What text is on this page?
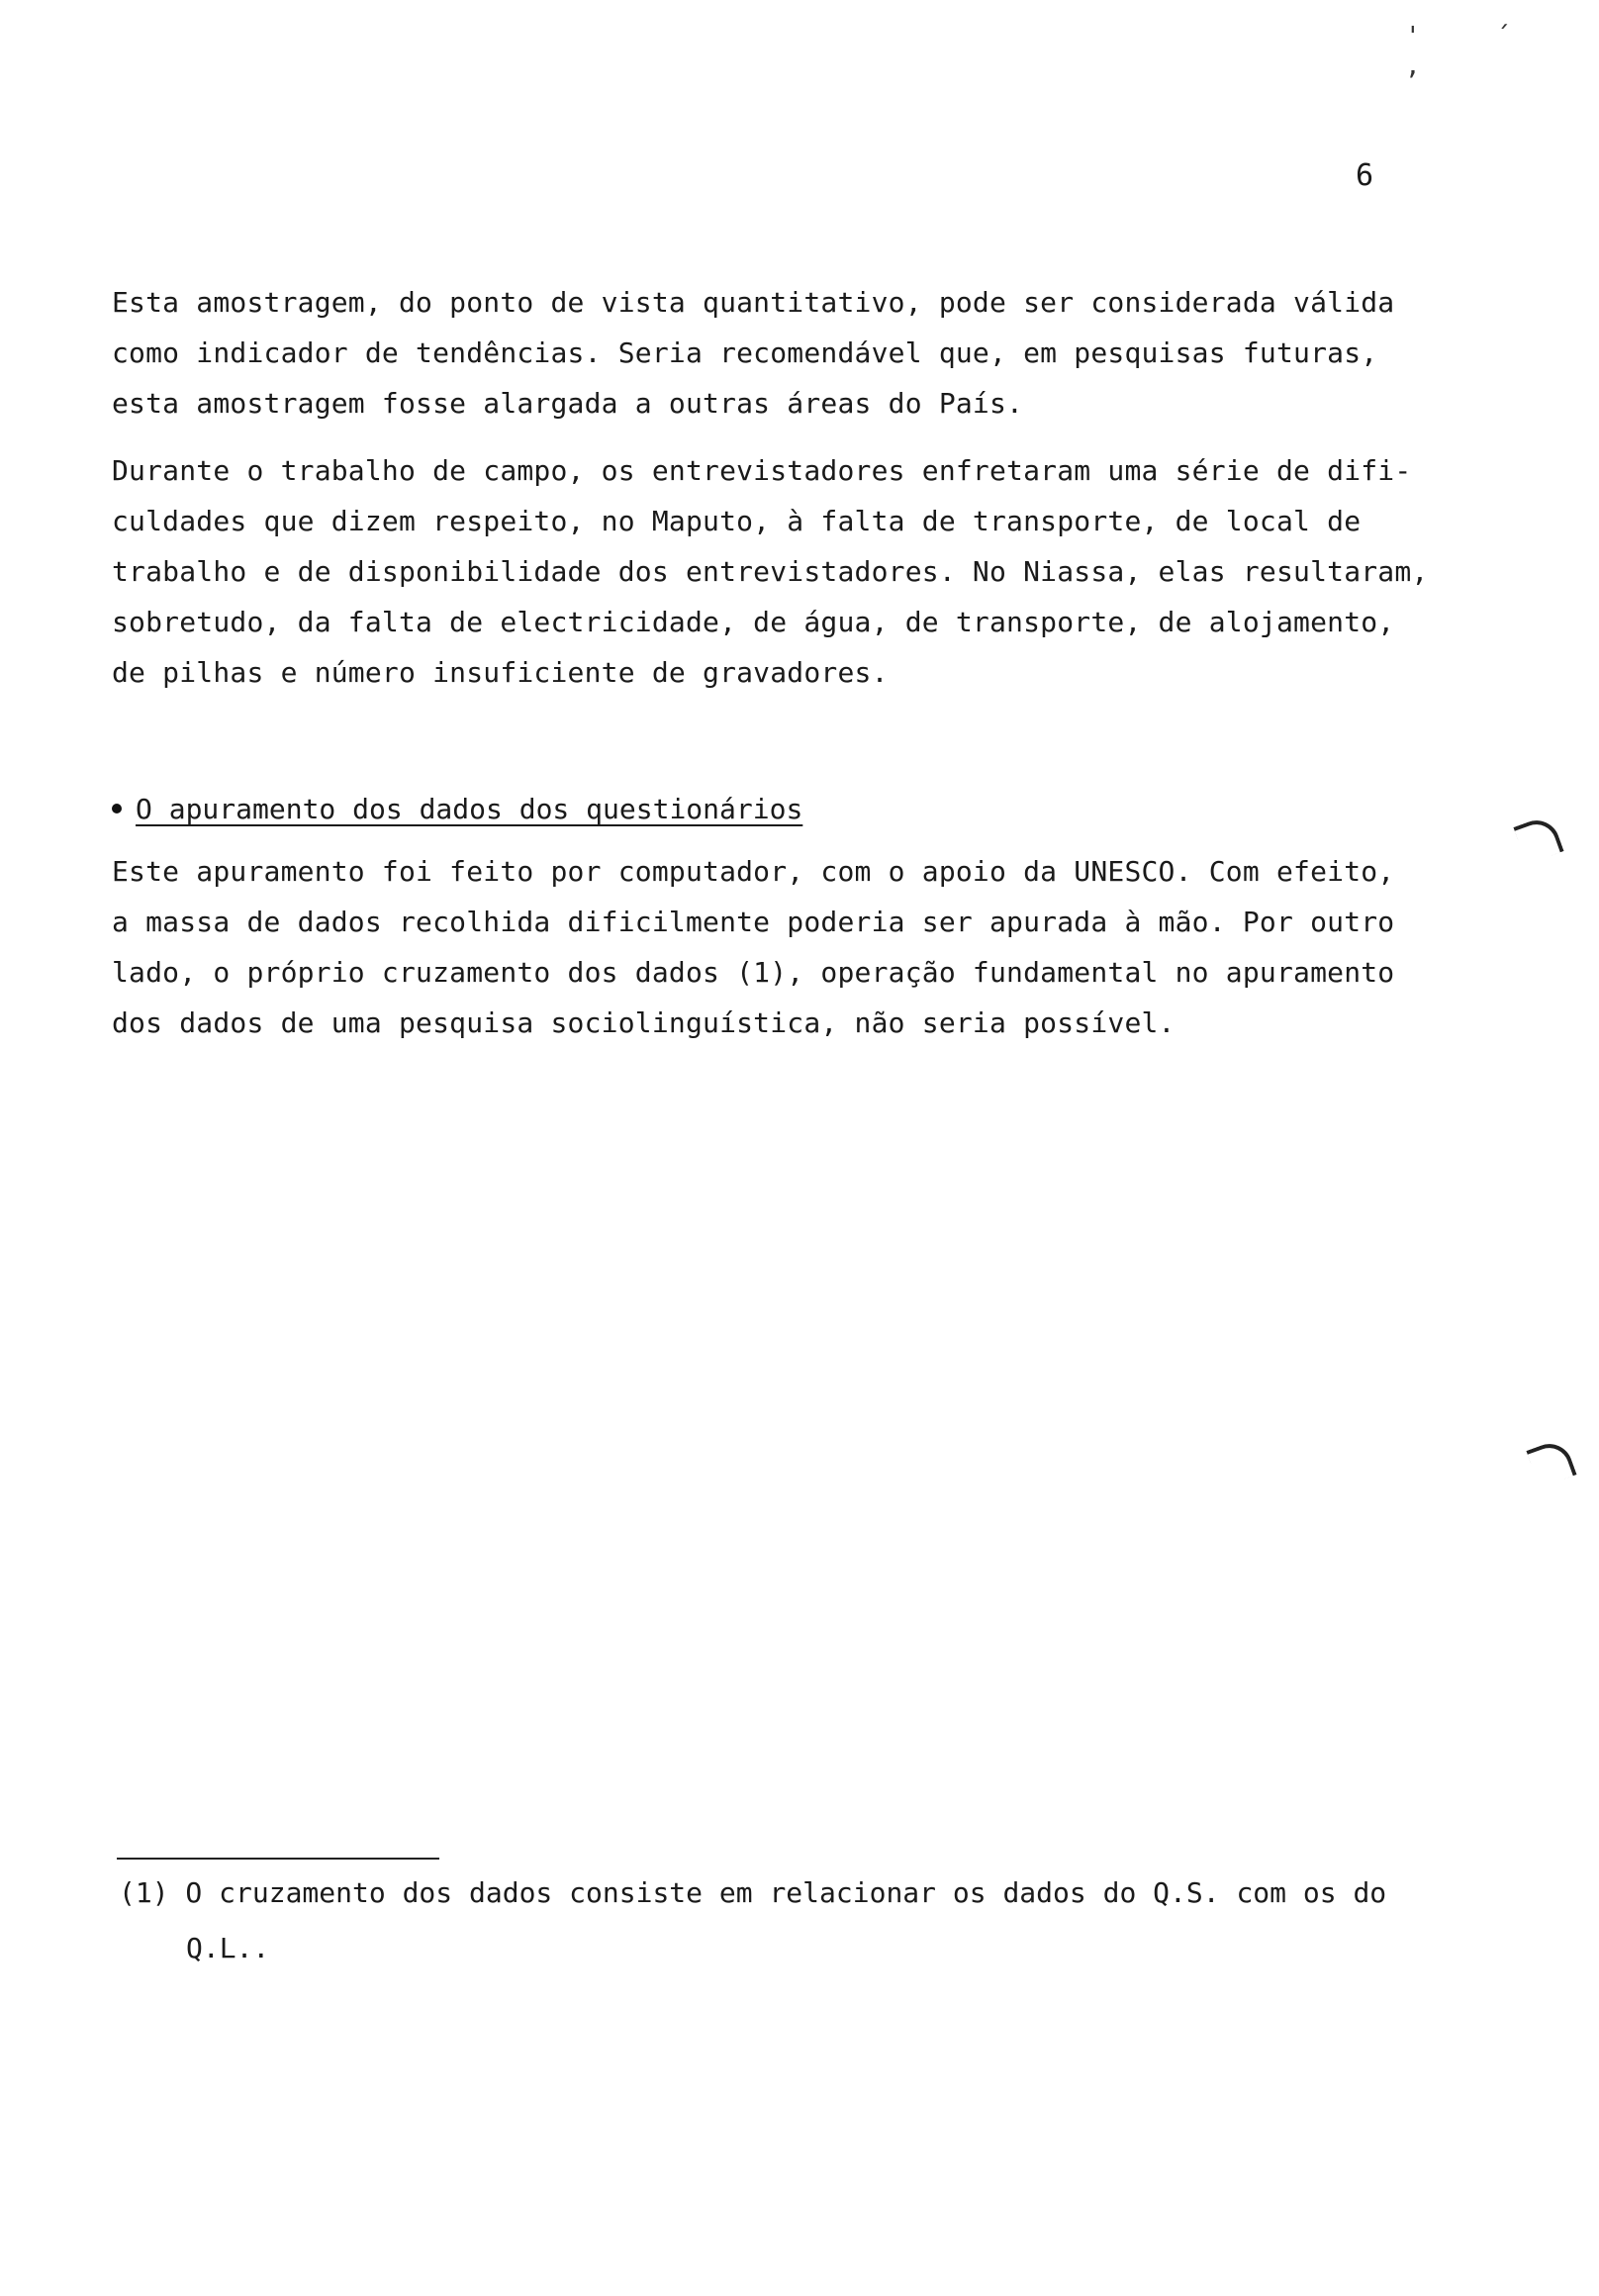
' ´ ,
6
Esta amostragem, do ponto de vista quantitativo, pode ser considerada válida
como indicador de tendências. Seria recomendável que, em pesquisas futuras,
esta amostragem fosse alargada a outras áreas do País.
Durante o trabalho de campo, os entrevistadores enfretaram uma série de difi-
culdades que dizem respeito, no Maputo, à falta de transporte, de local de
trabalho e de disponibilidade dos entrevistadores. No Niassa, elas resultaram,
sobretudo, da falta de electricidade, de água, de transporte, de alojamento,
de pilhas e número insuficiente de gravadores.
O apuramento dos dados dos questionários
Este apuramento foi feito por computador, com o apoio da UNESCO. Com efeito,
a massa de dados recolhida dificilmente poderia ser apurada à mão. Por outro
lado, o próprio cruzamento dos dados (1), operação fundamental no apuramento
dos dados de uma pesquisa sociolinguística, não seria possível.
(1) O cruzamento dos dados consiste em relacionar os dados do Q.S. com os do
Q.L..
